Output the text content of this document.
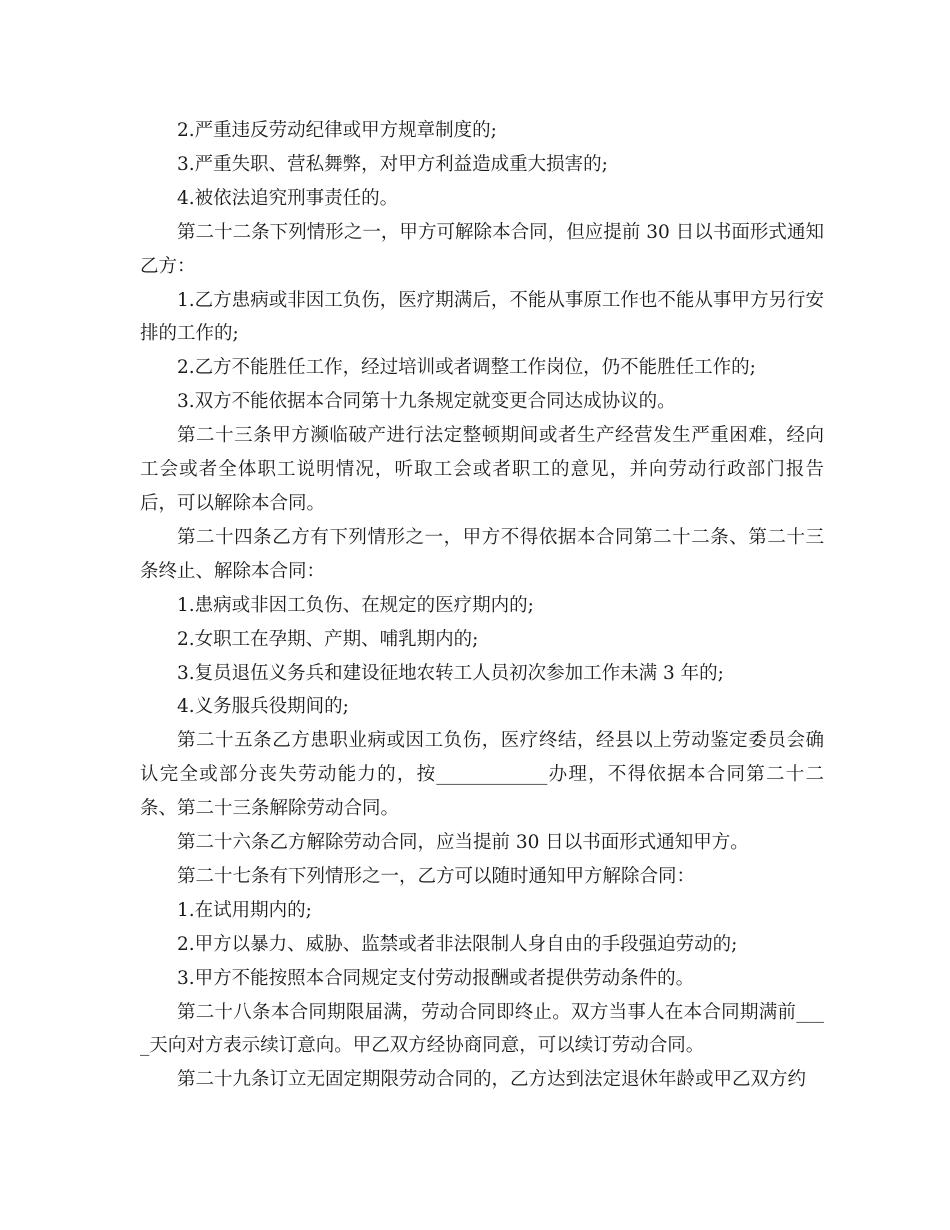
2.严重违反劳动纪律或甲方规章制度的;

3.严重失职、营私舞弊，对甲方利益造成重大损害的;

4.被依法追究刑事责任的。

第二十二条下列情形之一，甲方可解除本合同，但应提前 30 日以书面形式通知乙方：

1.乙方患病或非因工负伤，医疗期满后，不能从事原工作也不能从事甲方另行安排的工作的;

2.乙方不能胜任工作，经过培训或者调整工作岗位，仍不能胜任工作的;

3.双方不能依据本合同第十九条规定就变更合同达成协议的。

第二十三条甲方濒临破产进行法定整顿期间或者生产经营发生严重困难，经向工会或者全体职工说明情况，听取工会或者职工的意见，并向劳动行政部门报告后，可以解除本合同。

第二十四条乙方有下列情形之一，甲方不得依据本合同第二十二条、第二十三条终止、解除本合同：

1.患病或非因工负伤、在规定的医疗期内的;

2.女职工在孕期、产期、哺乳期内的;

3.复员退伍义务兵和建设征地农转工人员初次参加工作未满 3 年的;

4.义务服兵役期间的;

第二十五条乙方患职业病或因工负伤，医疗终结，经县以上劳动鉴定委员会确认完全或部分丧失劳动能力的，按____________办理，不得依据本合同第二十二条、第二十三条解除劳动合同。

第二十六条乙方解除劳动合同，应当提前 30 日以书面形式通知甲方。

第二十七条有下列情形之一，乙方可以随时通知甲方解除合同：

1.在试用期内的;

2.甲方以暴力、威胁、监禁或者非法限制人身自由的手段强迫劳动的;

3.甲方不能按照本合同规定支付劳动报酬或者提供劳动条件的。

第二十八条本合同期限届满，劳动合同即终止。双方当事人在本合同期满前____天向对方表示续订意向。甲乙双方经协商同意，可以续订劳动合同。

第二十九条订立无固定期限劳动合同的，乙方达到法定退休年龄或甲乙双方约
